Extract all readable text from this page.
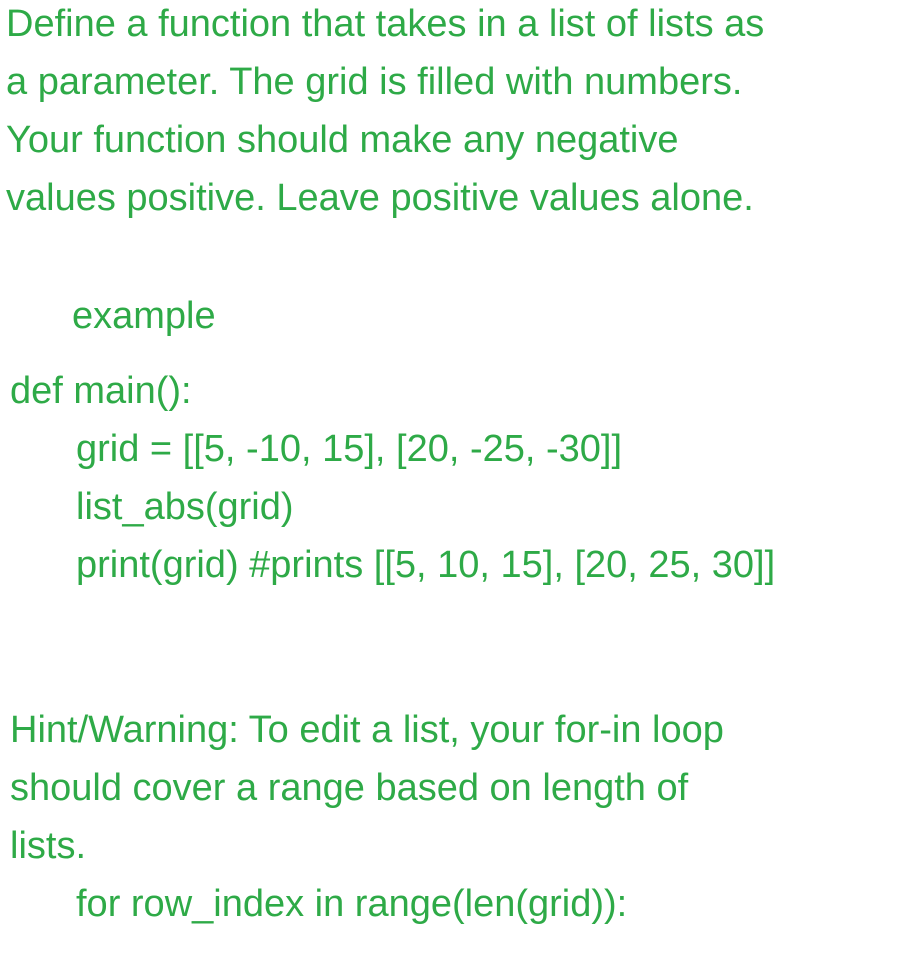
Define a function that takes in a list of lists as
a parameter. The grid is filled with numbers.
Your function should make any negative
values positive. Leave positive values alone.
example
def main():
grid = [[5, -10, 15], [20, -25, -30]]
list_abs(grid)
print(grid) #prints [[5, 10, 15], [20, 25, 30]]
Hint/Warning: To edit a list, your for-in loop
should cover a range based on length of
lists.
for row_index in range(len(grid)):
